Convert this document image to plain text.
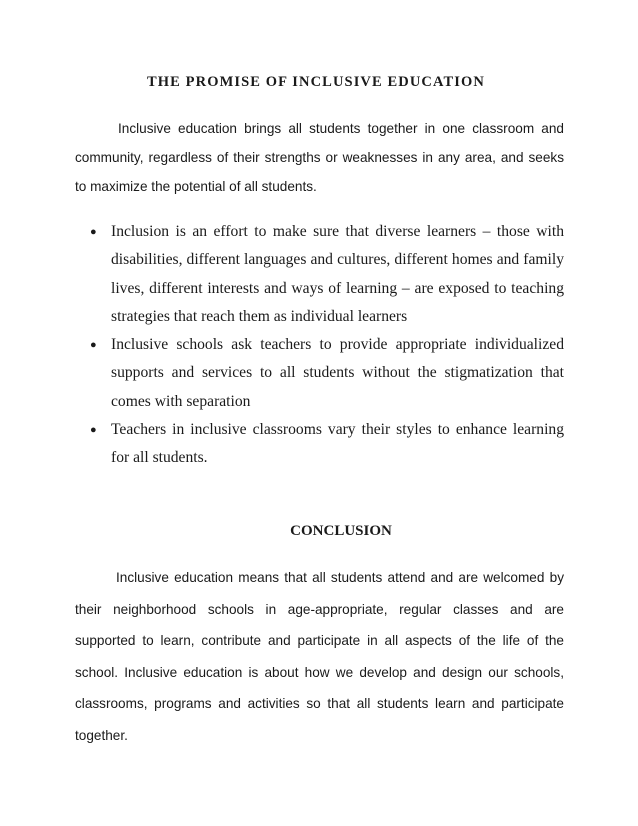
THE PROMISE OF INCLUSIVE EDUCATION

Inclusive education brings all students together in one classroom and community, regardless of their strengths or weaknesses in any area, and seeks to maximize the potential of all students.

● Inclusion is an effort to make sure that diverse learners – those with disabilities, different languages and cultures, different homes and family lives, different interests and ways of learning – are exposed to teaching strategies that reach them as individual learners
● Inclusive schools ask teachers to provide appropriate individualized supports and services to all students without the stigmatization that comes with separation
● Teachers in inclusive classrooms vary their styles to enhance learning for all students.
CONCLUSION

Inclusive education means that all students attend and are welcomed by their neighborhood schools in age-appropriate, regular classes and are supported to learn, contribute and participate in all aspects of the life of the school. Inclusive education is about how we develop and design our schools, classrooms, programs and activities so that all students learn and participate together.
